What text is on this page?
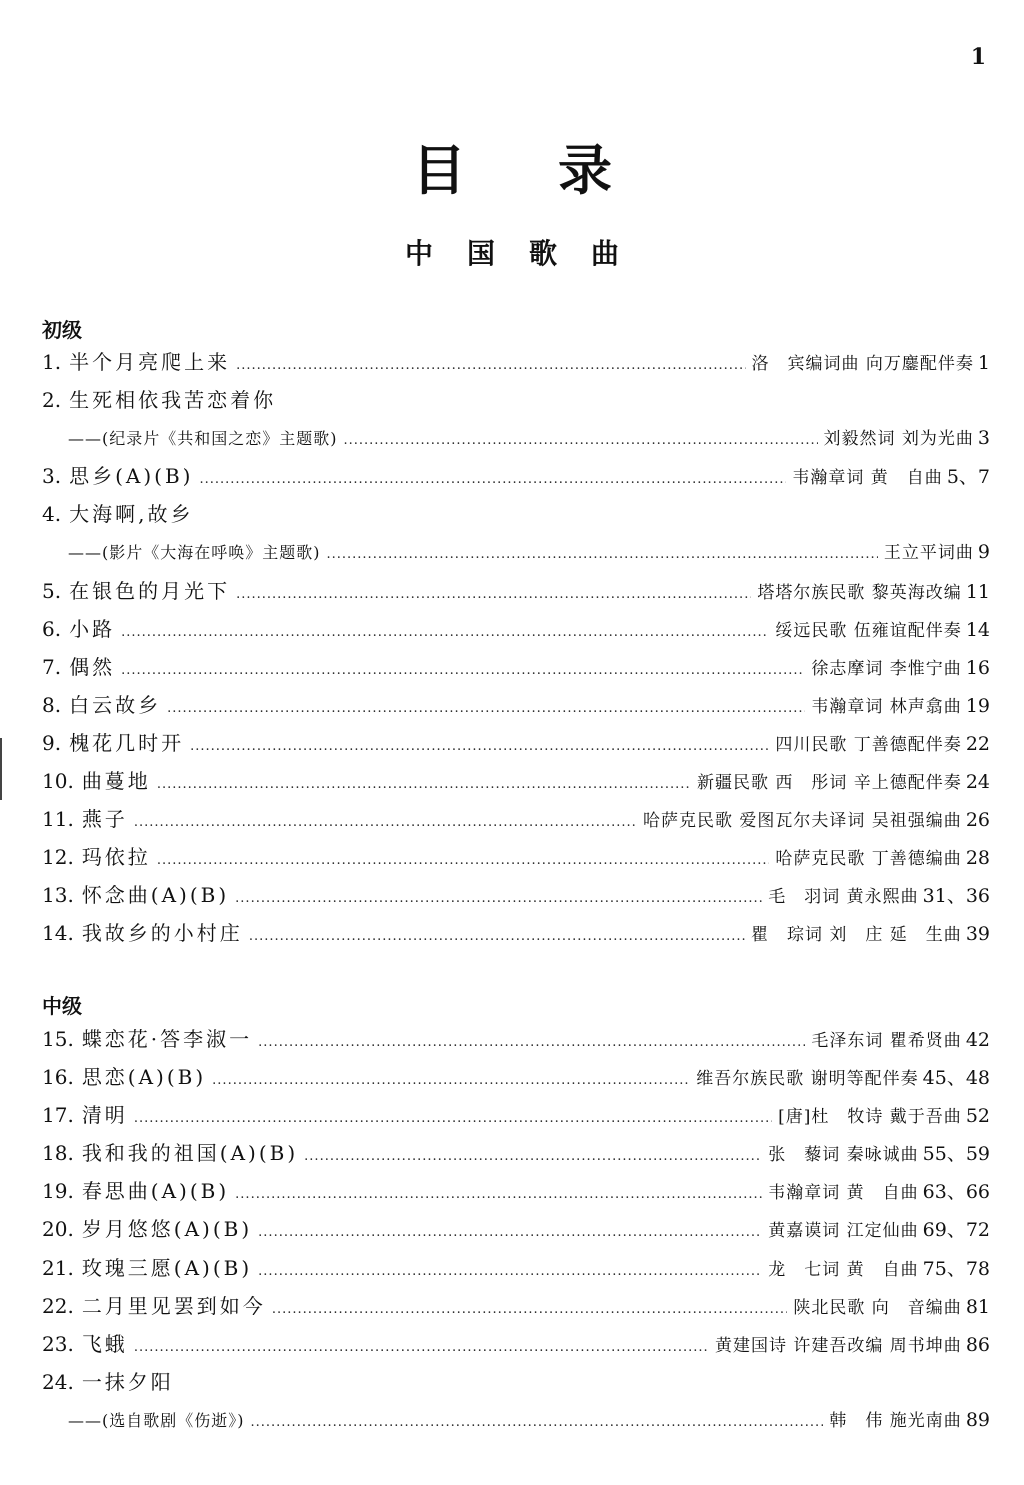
1
目录
中国歌曲
初级
1. 半个月亮爬上来 .....	洛　宾编词曲 向万鏖配伴奏 1
2. 生死相依我苦恋着你
——(纪录片《共和国之恋》主题歌) .....	刘毅然词 刘为光曲 3
3. 思乡(A)(B) .....	韦瀚章词 黄　自曲 5、7
4. 大海啊,故乡
——(影片《大海在呼唤》主题歌) .....	王立平词曲 9
5. 在银色的月光下 .....	塔塔尔族民歌 黎英海改编 11
6. 小路 .....	绥远民歌 伍雍谊配伴奏 14
7. 偶然 .....	徐志摩词 李惟宁曲 16
8. 白云故乡 .....	韦瀚章词 林声翕曲 19
9. 槐花几时开 .....	四川民歌 丁善德配伴奏 22
10. 曲蔓地 .....	新疆民歌 西　彤词 辛上德配伴奏 24
11. 燕子 .....	哈萨克民歌 爱图瓦尔夫译词 吴祖强编曲 26
12. 玛依拉 .....	哈萨克民歌 丁善德编曲 28
13. 怀念曲(A)(B) .....	毛　羽词 黄永熙曲 31、36
14. 我故乡的小村庄 .....	瞿　琮词 刘　庄 延　生曲 39
中级
15. 蝶恋花·答李淑一 .....	毛泽东词 瞿希贤曲 42
16. 思恋(A)(B) .....	维吾尔族民歌 谢明等配伴奏 45、48
17. 清明 .....	[唐]杜　牧诗 戴于吾曲 52
18. 我和我的祖国(A)(B) .....	张　藜词 秦咏诚曲 55、59
19. 春思曲(A)(B) .....	韦瀚章词 黄　自曲 63、66
20. 岁月悠悠(A)(B) .....	黄嘉谟词 江定仙曲 69、72
21. 玫瑰三愿(A)(B) .....	龙　七词 黄　自曲 75、78
22. 二月里见罢到如今 .....	陕北民歌 向　音编曲 81
23. 飞蛾 .....	黄建国诗 许建吾改编 周书坤曲 86
24. 一抹夕阳
——(选自歌剧《伤逝》) .....	韩　伟 施光南曲 89
